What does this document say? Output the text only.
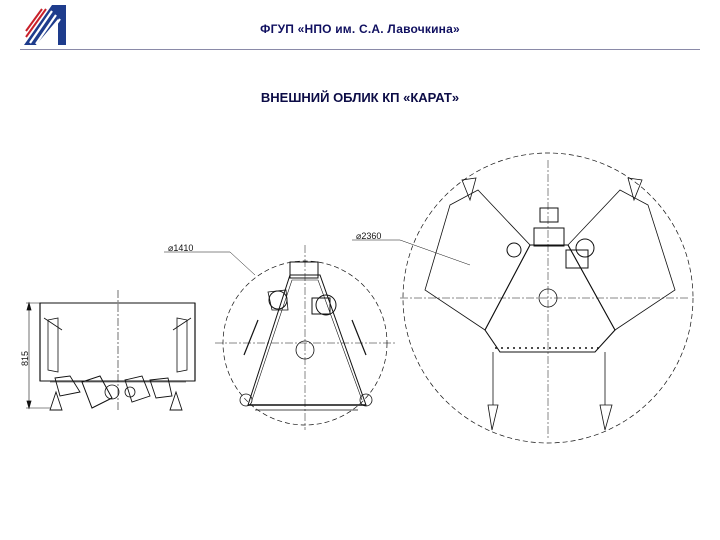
ФГУП «НПО им. С.А. Лавочкина»
ВНЕШНИЙ ОБЛИК КП «КАРАТ»
815
⌀1410
⌀2360
